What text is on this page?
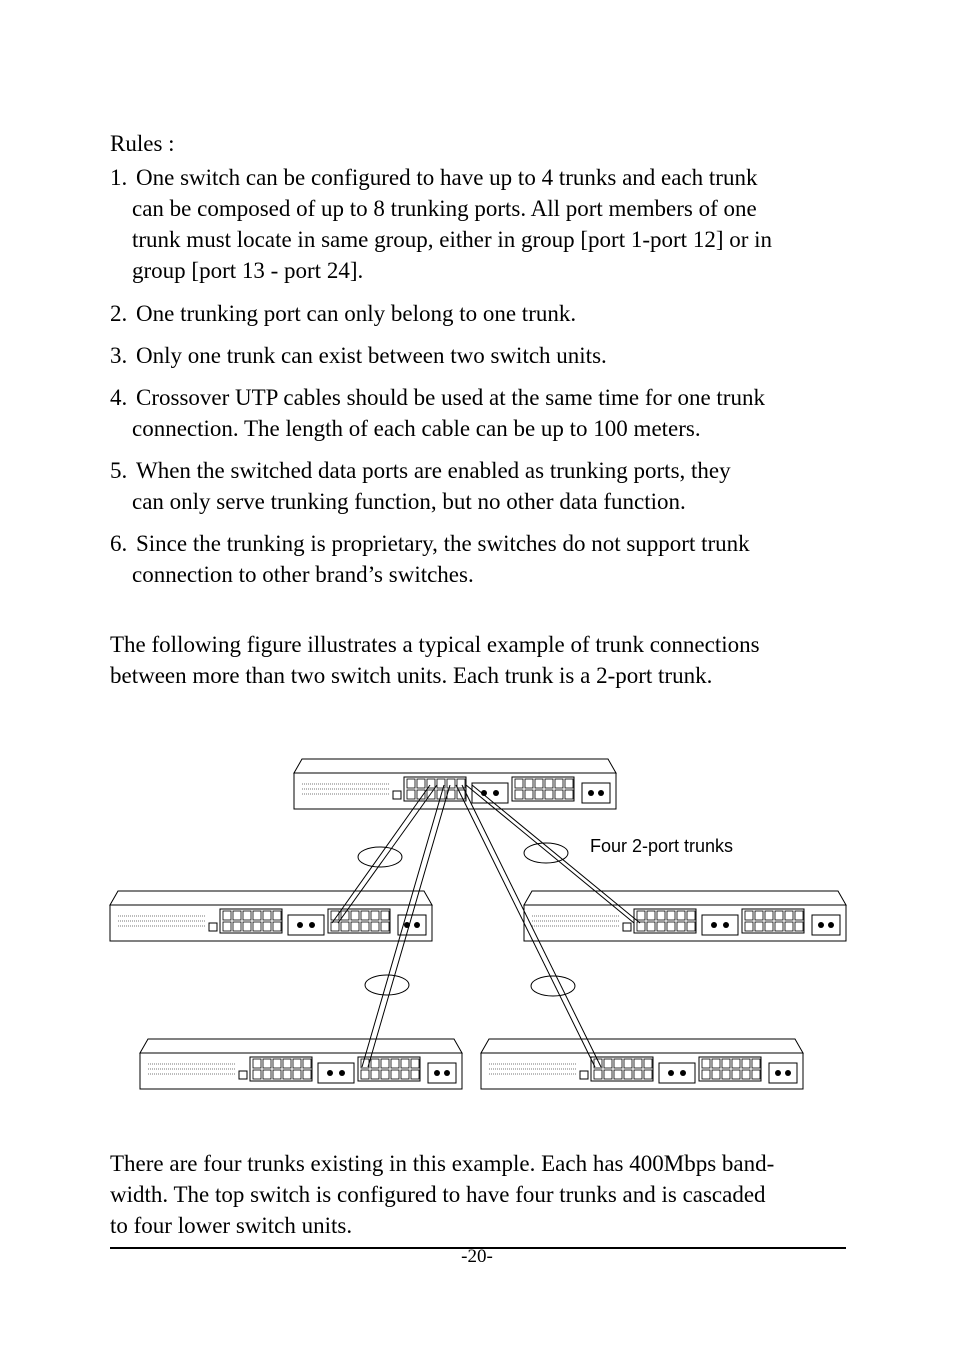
Rules :
1. One switch can be configured to have up to 4 trunks and each trunk
can be composed of up to 8 trunking ports. All port members of one
trunk must locate in same group, either in group [port 1-port 12] or in
group [port 13 - port 24].
2. One trunking port can only belong to one trunk.
3. Only one trunk can exist between two switch units.
4. Crossover UTP cables should be used at the same time for one trunk
connection. The length of each cable can be up to 100 meters.
5. When the switched data ports are enabled as trunking ports, they
can only serve trunking function, but no other data function.
6. Since the trunking is proprietary, the switches do not support trunk
connection to other brand’s switches.
The following figure illustrates a typical example of trunk connections
between more than two switch units. Each trunk is a 2-port trunk.
Four 2-port trunks
There are four trunks existing in this example. Each has 400Mbps band-
width. The top switch is configured to have four trunks and is cascaded
to four lower switch units.
-20-
